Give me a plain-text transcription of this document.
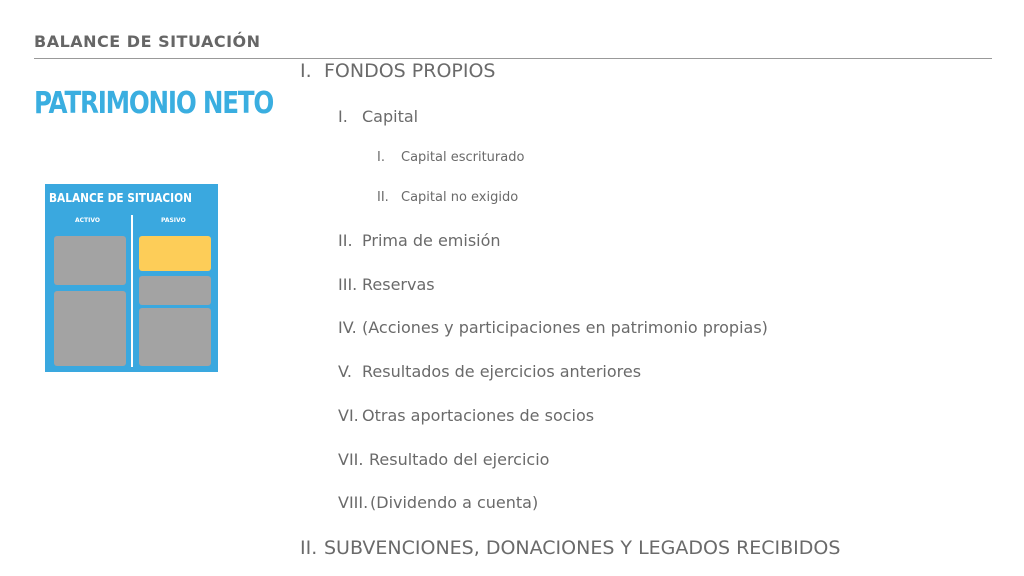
BALANCE DE SITUACIÓN
PATRIMONIO NETO
BALANCE DE SITUACION
ACTIVO	PASIVO
I. FONDOS PROPIOS
I. Capital
I. Capital escriturado
II. Capital no exigido
II. Prima de emisión
III. Reservas
IV. (Acciones y participaciones en patrimonio propias)
V. Resultados de ejercicios anteriores
VI. Otras aportaciones de socios
VII. Resultado del ejercicio
VIII. (Dividendo a cuenta)
II. SUBVENCIONES, DONACIONES Y LEGADOS RECIBIDOS
